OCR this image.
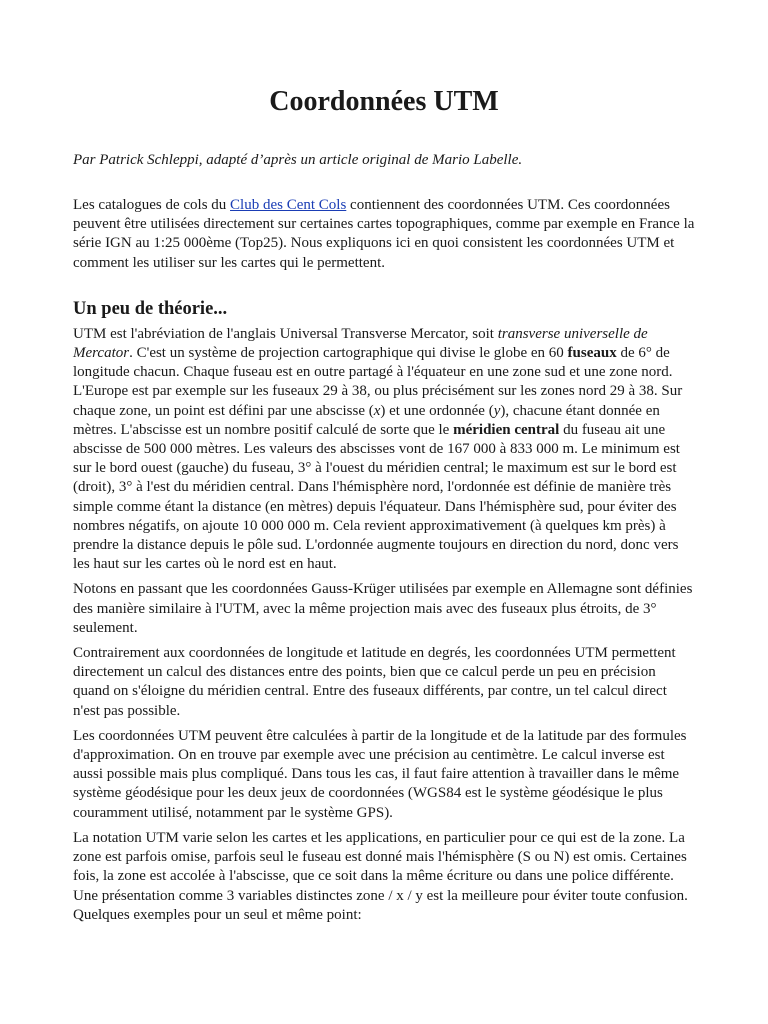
Coordonnées UTM

Par Patrick Schleppi, adapté d’après un article original de Mario Labelle.

Les catalogues de cols du Club des Cent Cols contiennent des coordonnées UTM. Ces coordonnées peuvent être utilisées directement sur certaines cartes topographiques, comme par exemple en France la série IGN au 1:25 000ème (Top25). Nous expliquons ici en quoi consistent les coordonnées UTM et comment les utiliser sur les cartes qui le permettent.

Un peu de théorie...

UTM est l'abréviation de l'anglais Universal Transverse Mercator, soit transverse universelle de Mercator. C'est un système de projection cartographique qui divise le globe en 60 fuseaux de 6° de longitude chacun. Chaque fuseau est en outre partagé à l'équateur en une zone sud et une zone nord. L'Europe est par exemple sur les fuseaux 29 à 38, ou plus précisément sur les zones nord 29 à 38. Sur chaque zone, un point est défini par une abscisse (x) et une ordonnée (y), chacune étant donnée en mètres. L'abscisse est un nombre positif calculé de sorte que le méridien central du fuseau ait une abscisse de 500 000 mètres. Les valeurs des abscisses vont de 167 000 à 833 000 m. Le minimum est sur le bord ouest (gauche) du fuseau, 3° à l'ouest du méridien central; le maximum est sur le bord est (droit), 3° à l'est du méridien central. Dans l'hémisphère nord, l'ordonnée est définie de manière très simple comme étant la distance (en mètres) depuis l'équateur. Dans l'hémisphère sud, pour éviter des nombres négatifs, on ajoute 10 000 000 m. Cela revient approximativement (à quelques km près) à prendre la distance depuis le pôle sud. L'ordonnée augmente toujours en direction du nord, donc vers les haut sur les cartes où le nord est en haut.

Notons en passant que les coordonnées Gauss-Krüger utilisées par exemple en Allemagne sont définies des manière similaire à l'UTM, avec la même projection mais avec des fuseaux plus étroits, de 3° seulement.

Contrairement aux coordonnées de longitude et latitude en degrés, les coordonnées UTM permettent directement un calcul des distances entre des points, bien que ce calcul perde un peu en précision quand on s'éloigne du méridien central. Entre des fuseaux différents, par contre, un tel calcul direct n'est pas possible.

Les coordonnées UTM peuvent être calculées à partir de la longitude et de la latitude par des formules d'approximation. On en trouve par exemple avec une précision au centimètre. Le calcul inverse est aussi possible mais plus compliqué. Dans tous les cas, il faut faire attention à travailler dans le même système géodésique pour les deux jeux de coordonnées (WGS84 est le système géodésique le plus couramment utilisé, notamment par le système GPS).

La notation UTM varie selon les cartes et les applications, en particulier pour ce qui est de la zone. La zone est parfois omise, parfois seul le fuseau est donné mais l'hémisphère (S ou N) est omis. Certaines fois, la zone est accolée à l'abscisse, que ce soit dans la même écriture ou dans une police différente. Une présentation comme 3 variables distinctes zone / x / y est la meilleure pour éviter toute confusion. Quelques exemples pour un seul et même point:
